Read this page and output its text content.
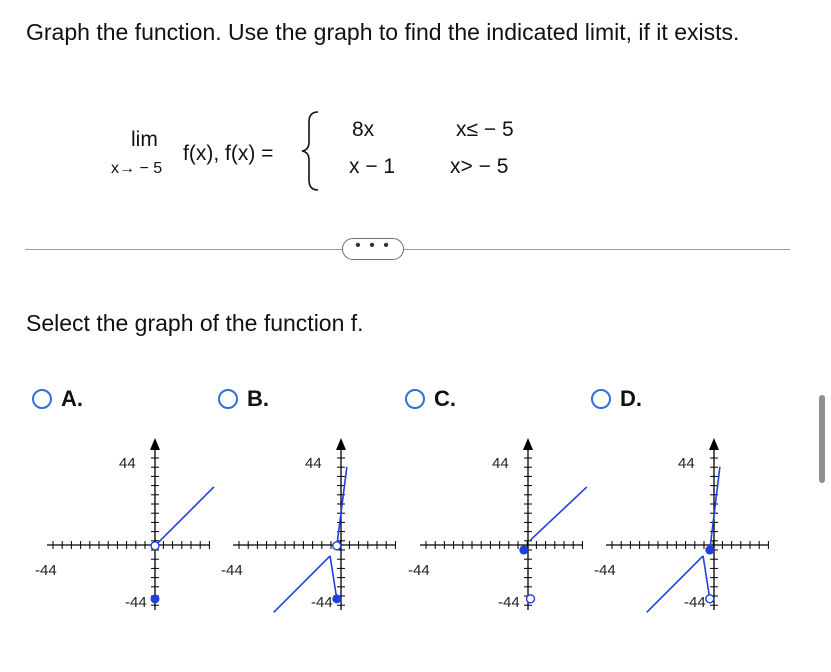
Graph the function. Use the graph to find the indicated limit, if it exists.

lim
x→ − 5
f(x), f(x) =
8x	x≤ − 5
x − 1	x> − 5
• • •

Select the graph of the function f.

A.
44
-44
-44
B.
44
-44
-44
C.
44
-44
-44
D.
44
-44
-44
